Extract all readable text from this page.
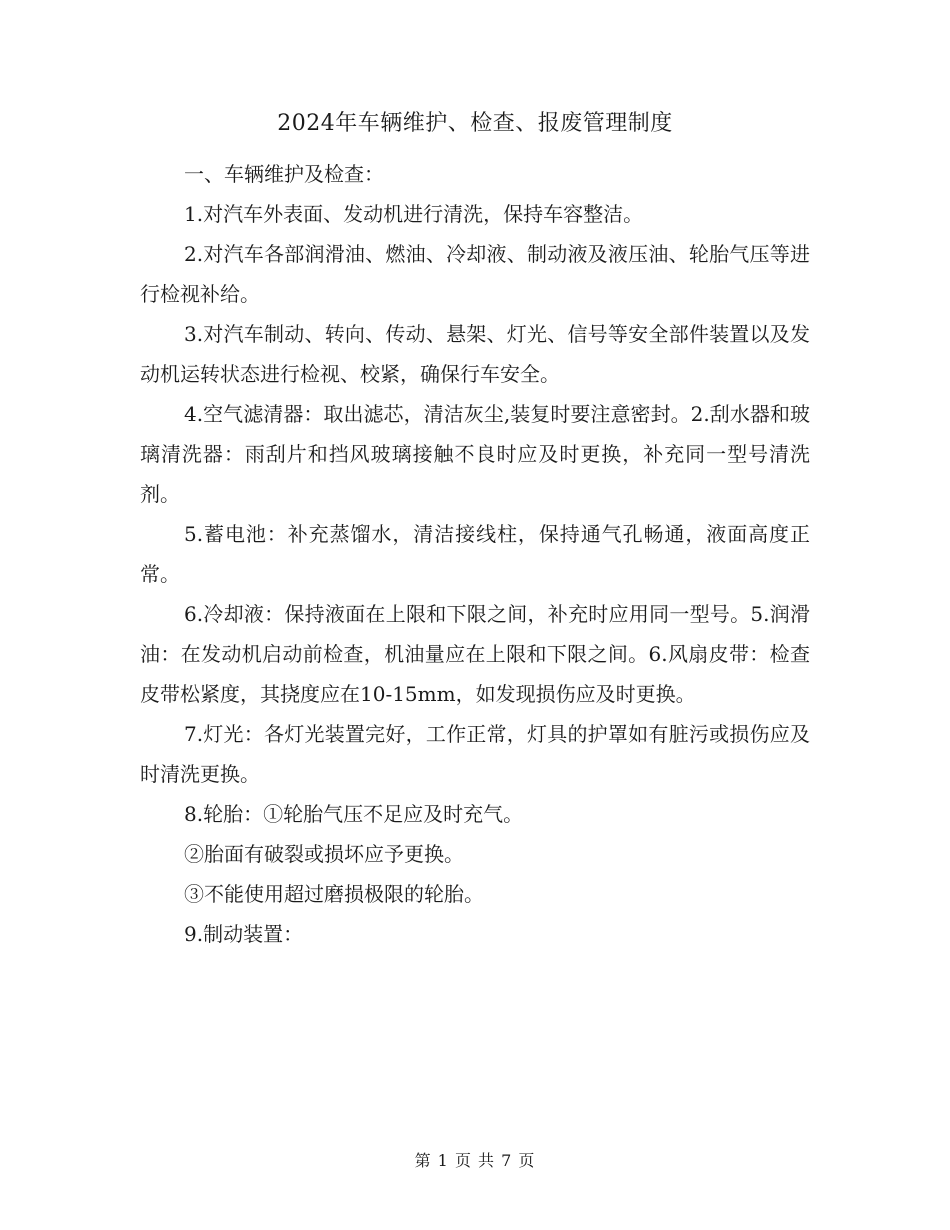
2024年车辆维护、检查、报废管理制度

一、车辆维护及检查：

1.对汽车外表面、发动机进行清洗，保持车容整洁。

2.对汽车各部润滑油、燃油、冷却液、制动液及液压油、轮胎气压等进行检视补给。

3.对汽车制动、转向、传动、悬架、灯光、信号等安全部件装置以及发动机运转状态进行检视、校紧，确保行车安全。

4.空气滤清器：取出滤芯，清洁灰尘,装复时要注意密封。2.刮水器和玻璃清洗器：雨刮片和挡风玻璃接触不良时应及时更换，补充同一型号清洗剂。

5.蓄电池：补充蒸馏水，清洁接线柱，保持通气孔畅通，液面高度正常。

6.冷却液：保持液面在上限和下限之间，补充时应用同一型号。5.润滑油：在发动机启动前检查，机油量应在上限和下限之间。6.风扇皮带：检查皮带松紧度，其挠度应在10-15mm，如发现损伤应及时更换。

7.灯光：各灯光装置完好，工作正常，灯具的护罩如有脏污或损伤应及时清洗更换。

8.轮胎：①轮胎气压不足应及时充气。

②胎面有破裂或损坏应予更换。

③不能使用超过磨损极限的轮胎。

9.制动装置：

第 1 页 共 7 页
